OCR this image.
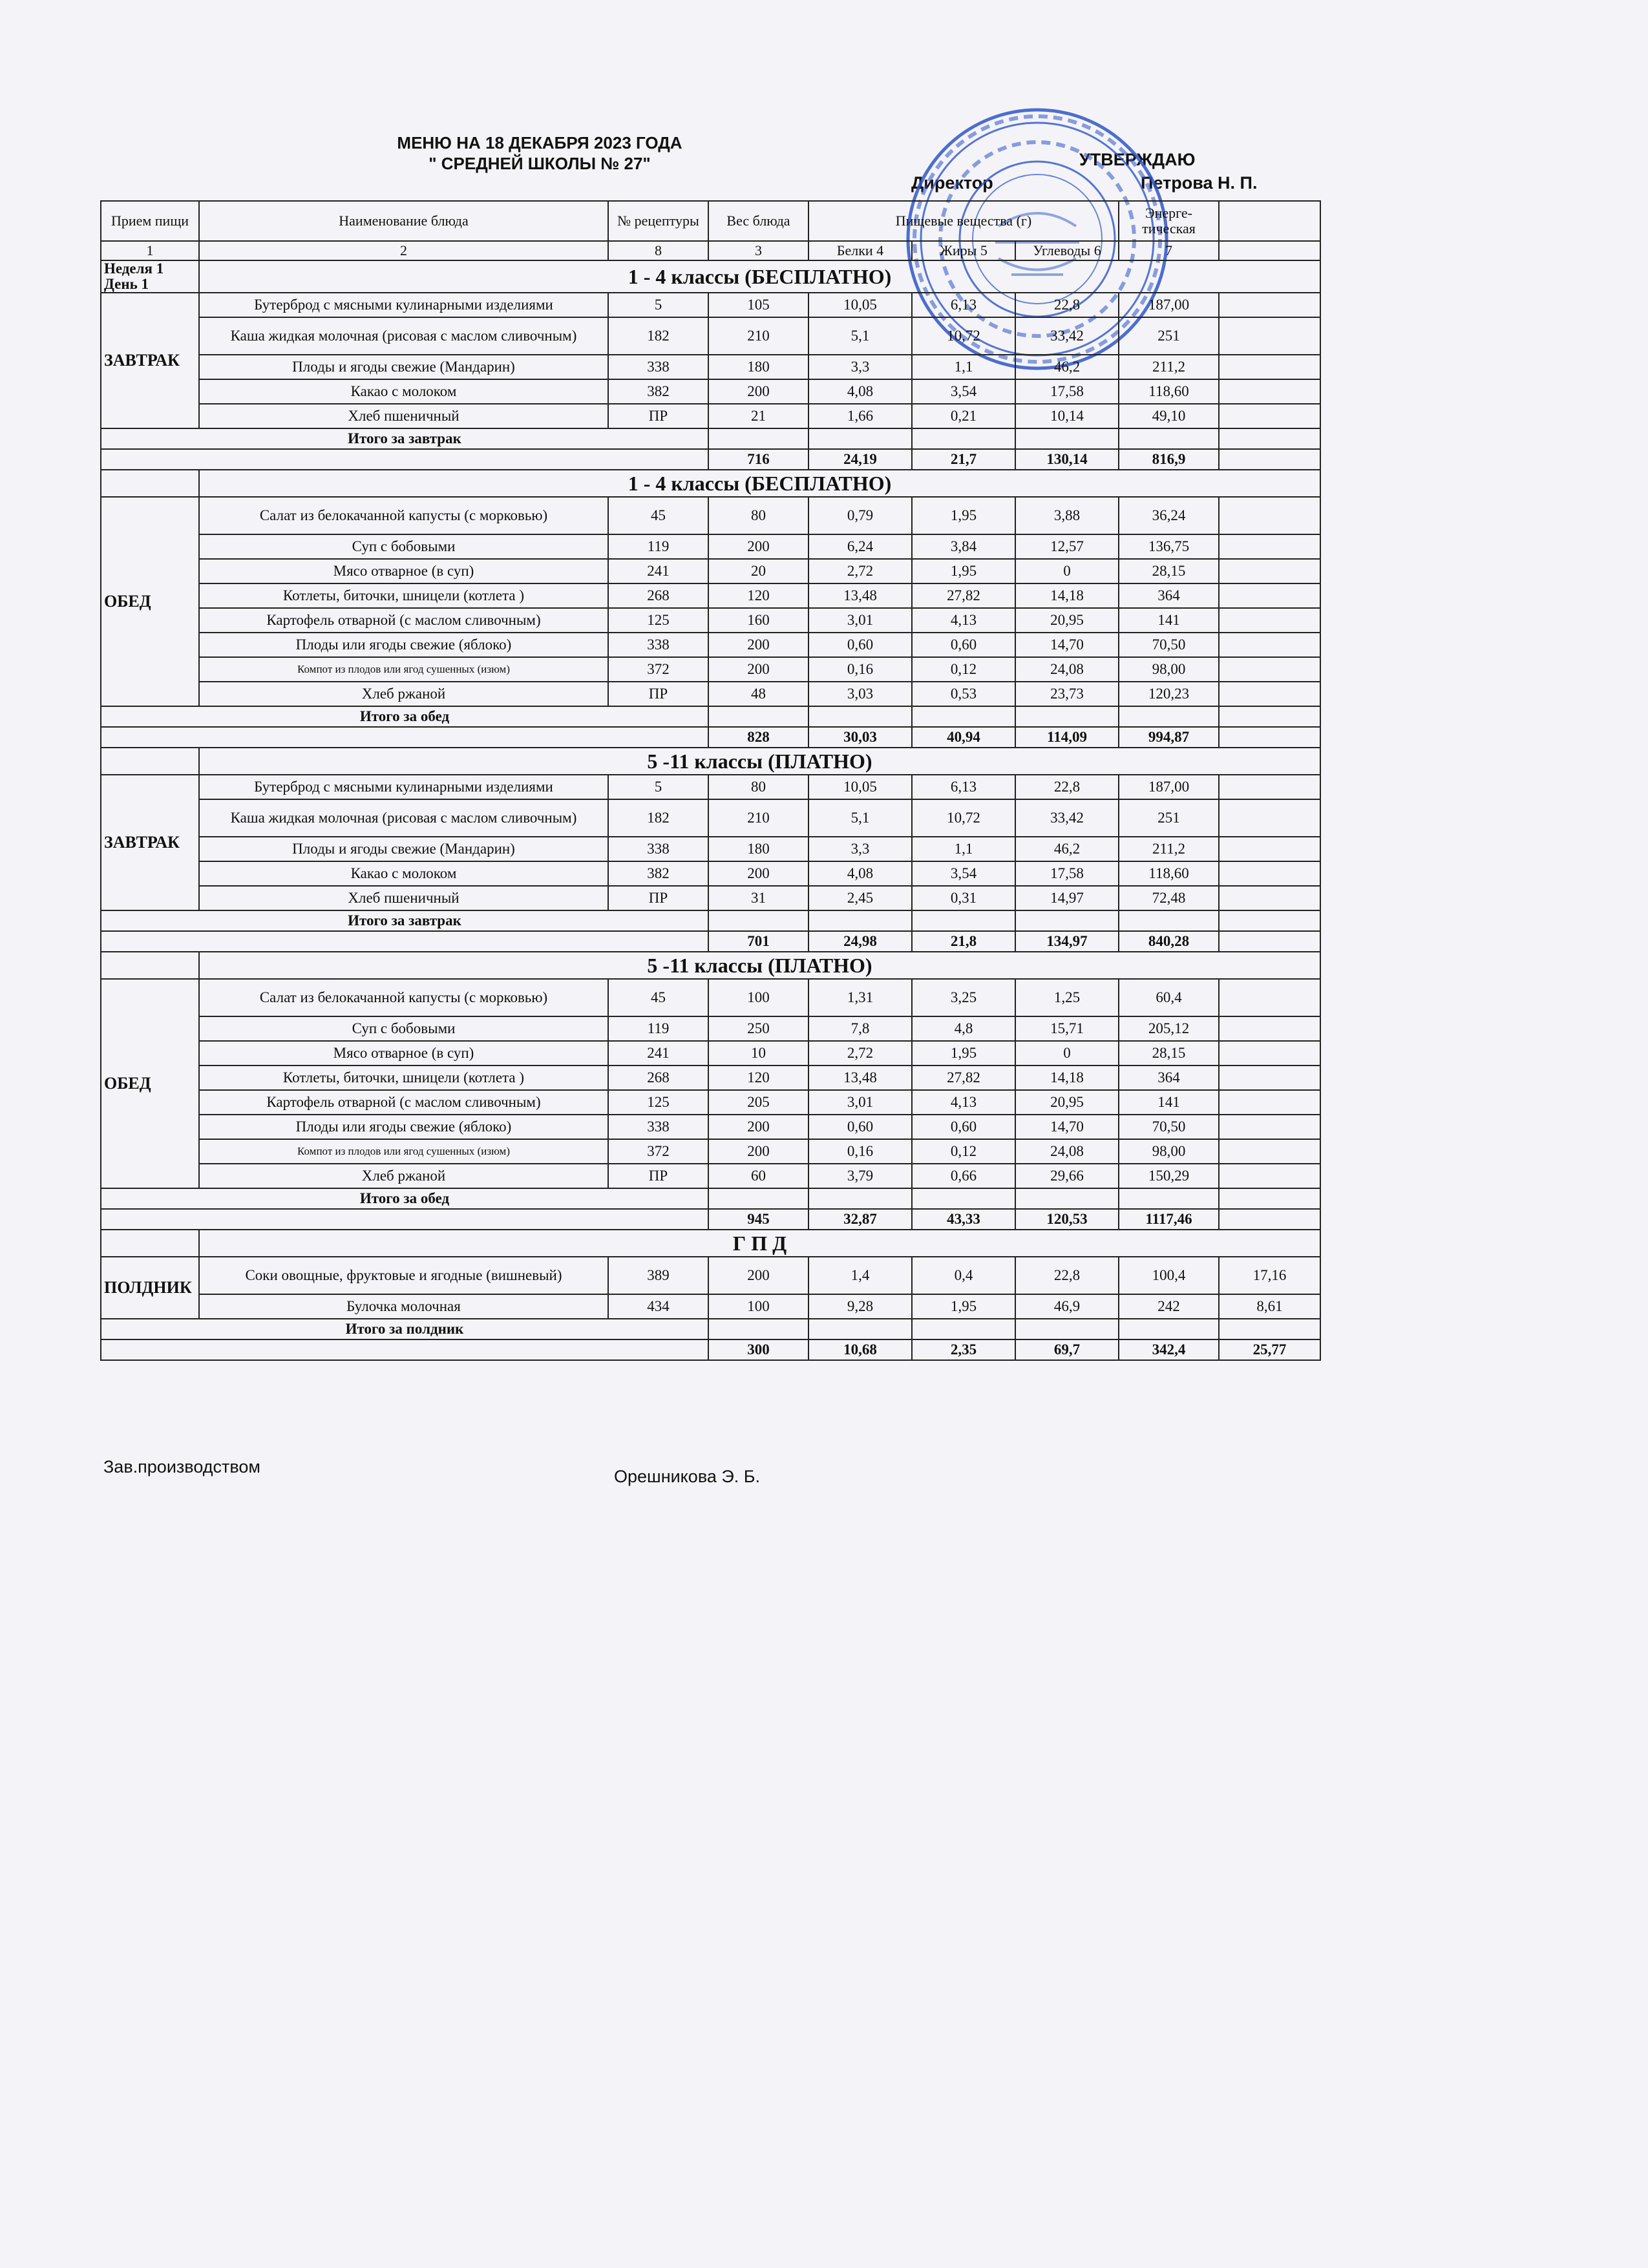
МЕНЮ НА 18 ДЕКАБРЯ 2023 ГОДА
" СРЕДНЕЙ ШКОЛЫ № 27"	УТВЕРЖДАЮ
Директор	Петрова Н. П.
Прием пищи	Наименование блюда	№ рецептуры	Вес блюда	Пищевые вещества (г)			Энерге-тическая	
1	2	8	3	Белки 4	Жиры 5	Углеводы 6	7	

Неделя 1
День 1	1 - 4 классы (БЕСПЛАТНО)							
ЗАВТРАК	Бутерброд с мясными кулинарными изделиями	5	105	10,05	6,13	22,8	187,00	
	Каша жидкая молочная (рисовая с маслом сливочным)	182	210	5,1	10,72	33,42	251	
	Плоды и ягоды свежие (Мандарин)	338	180	3,3	1,1	46,2	211,2	
	Какао с молоком	382	200	4,08	3,54	17,58	118,60	
	Хлеб пшеничный	ПР	21	1,66	0,21	10,14	49,10	
Итого за завтрак								
			716	24,19	21,7	130,14	816,9	
	1 - 4 классы (БЕСПЛАТНО)							
ОБЕД	Салат из белокачанной капусты (с морковью)	45	80	0,79	1,95	3,88	36,24	
	Суп с бобовыми	119	200	6,24	3,84	12,57	136,75	
	Мясо отварное (в суп)	241	20	2,72	1,95	0	28,15	
	Котлеты, биточки, шницели (котлета )	268	120	13,48	27,82	14,18	364	
	Картофель отварной (с маслом сливочным)	125	160	3,01	4,13	20,95	141	
	Плоды или ягоды свежие (яблоко)	338	200	0,60	0,60	14,70	70,50	
	Компот из плодов или ягод сушенных (изюм)	372	200	0,16	0,12	24,08	98,00	
	Хлеб ржаной	ПР	48	3,03	0,53	23,73	120,23	
Итого за обед								
			828	30,03	40,94	114,09	994,87	
	5 -11 классы (ПЛАТНО)							
ЗАВТРАК	Бутерброд с мясными кулинарными изделиями	5	80	10,05	6,13	22,8	187,00	
	Каша жидкая молочная (рисовая с маслом сливочным)	182	210	5,1	10,72	33,42	251	
	Плоды и ягоды свежие (Мандарин)	338	180	3,3	1,1	46,2	211,2	
	Какао с молоком	382	200	4,08	3,54	17,58	118,60	
	Хлеб пшеничный	ПР	31	2,45	0,31	14,97	72,48	
Итого за завтрак								
			701	24,98	21,8	134,97	840,28	
	5 -11 классы (ПЛАТНО)							
ОБЕД	Салат из белокачанной капусты (с морковью)	45	100	1,31	3,25	1,25	60,4	
	Суп с бобовыми	119	250	7,8	4,8	15,71	205,12	
	Мясо отварное (в суп)	241	10	2,72	1,95	0	28,15	
	Котлеты, биточки, шницели (котлета )	268	120	13,48	27,82	14,18	364	
	Картофель отварной (с маслом сливочным)	125	205	3,01	4,13	20,95	141	
	Плоды или ягоды свежие (яблоко)	338	200	0,60	0,60	14,70	70,50	
	Компот из плодов или ягод сушенных (изюм)	372	200	0,16	0,12	24,08	98,00	
	Хлеб ржаной	ПР	60	3,79	0,66	29,66	150,29	
Итого за обед								
			945	32,87	43,33	120,53	1117,46	
	Г П Д							
ПОЛДНИК	Соки овощные, фруктовые и ягодные (вишневый)	389	200	1,4	0,4	22,8	100,4	17,16
	Булочка молочная	434	100	9,28	1,95	46,9	242	8,61
Итого за полдник								
			300	10,68	2,35	69,7	342,4	25,77
Зав.производством	Орешникова Э. Б.
